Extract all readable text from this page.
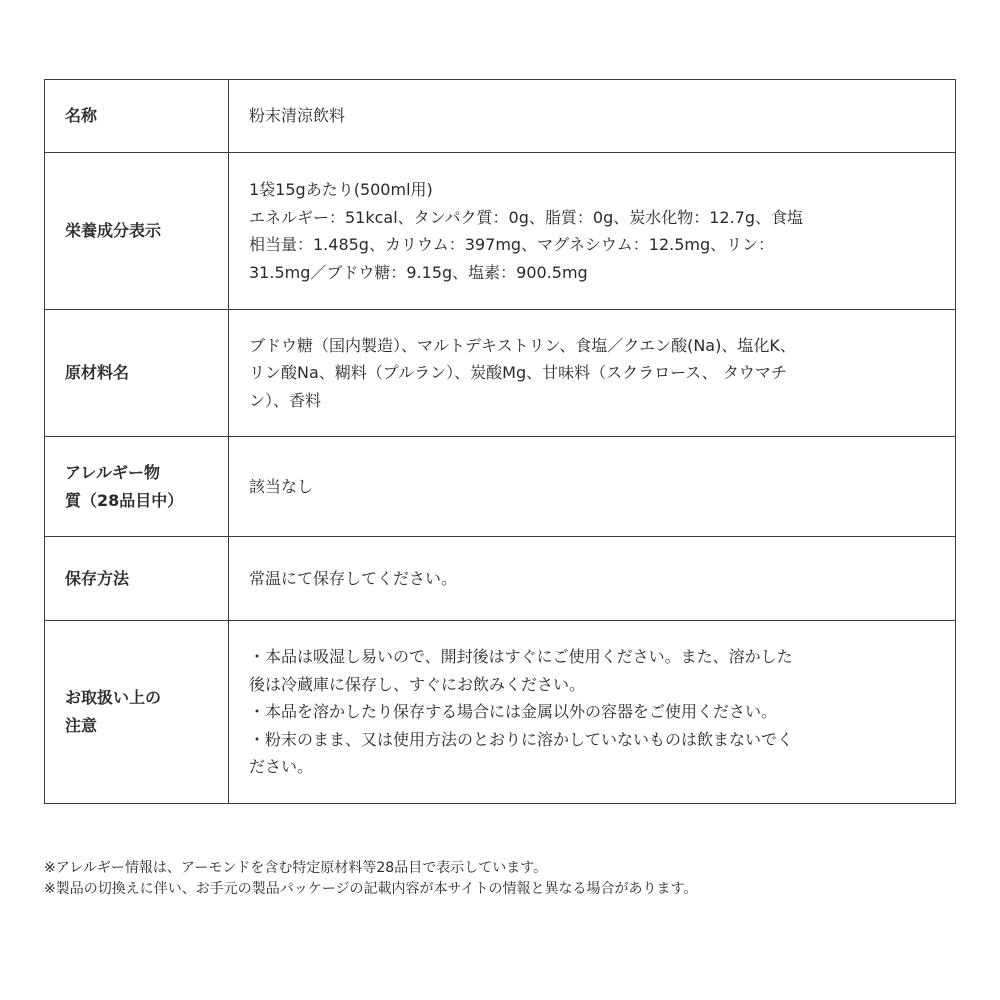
名称	粉末清涼飲料

栄養成分表示	1袋15gあたり(500ml用)
エネルギー：51kcal、タンパク質：0g、脂質：0g、炭水化物：12.7g、食塩
相当量：1.485g、カリウム：397mg、マグネシウム：12.5mg、リン：
31.5mg／ブドウ糖：9.15g、塩素：900.5mg

原材料名	ブドウ糖（国内製造）、マルトデキストリン、食塩／クエン酸(Na)、塩化K、
リン酸Na、糊料（プルラン）、炭酸Mg、甘味料（スクラロース、 タウマチ
ン）、香料

アレルギー物
質（28品目中）	該当なし

保存方法	常温にて保存してください。

お取扱い上の
注意	・本品は吸湿し易いので、開封後はすぐにご使用ください。また、溶かした
後は冷蔵庫に保存し、すぐにお飲みください。
・本品を溶かしたり保存する場合には金属以外の容器をご使用ください。
・粉末のまま、又は使用方法のとおりに溶かしていないものは飲まないでく
ださい。
※アレルギー情報は、アーモンドを含む特定原材料等28品目で表示しています。
※製品の切換えに伴い、お手元の製品パッケージの記載内容が本サイトの情報と異なる場合があります。
